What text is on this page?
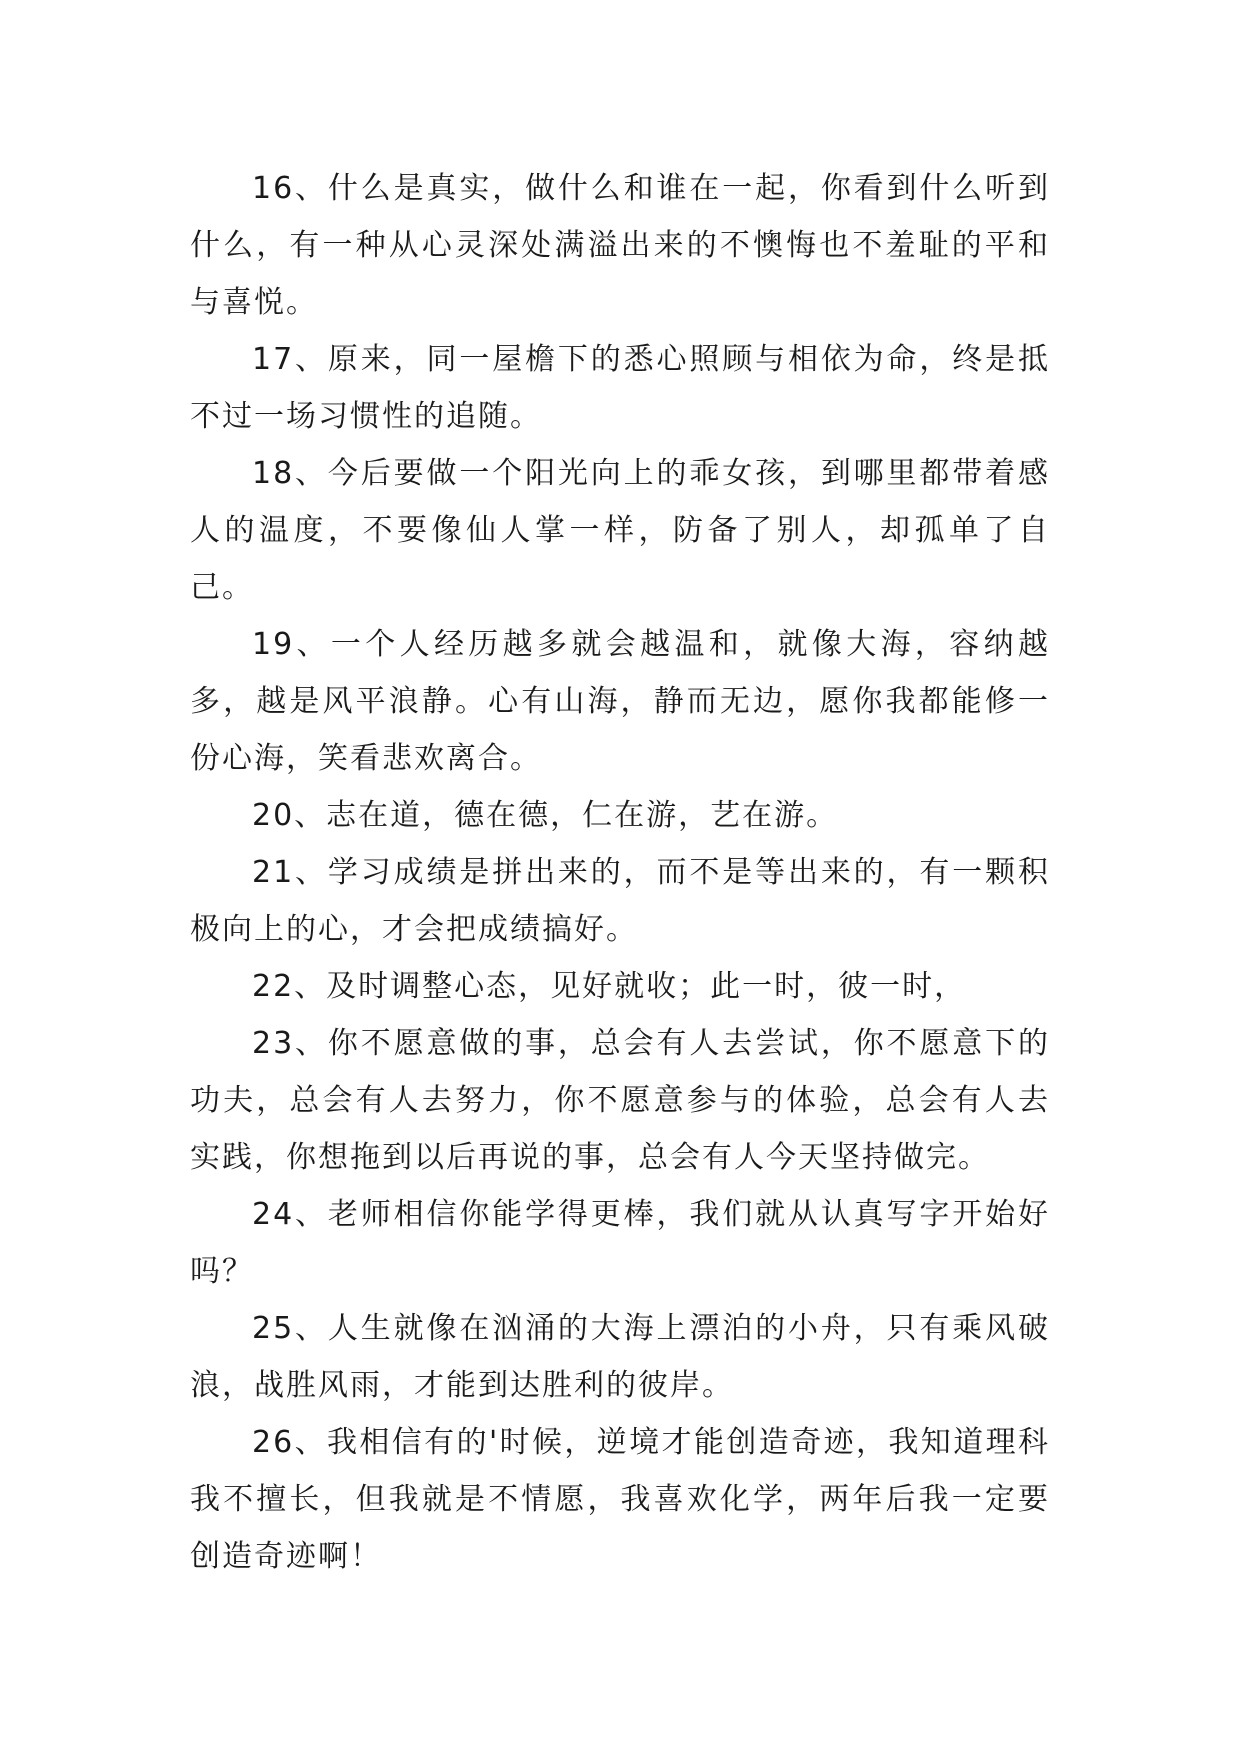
16、什么是真实，做什么和谁在一起，你看到什么听到什么，有一种从心灵深处满溢出来的不懊悔也不羞耻的平和与喜悦。

17、原来，同一屋檐下的悉心照顾与相依为命，终是抵不过一场习惯性的追随。

18、今后要做一个阳光向上的乖女孩，到哪里都带着感人的温度，不要像仙人掌一样，防备了别人，却孤单了自己。

19、一个人经历越多就会越温和，就像大海，容纳越多，越是风平浪静。心有山海，静而无边，愿你我都能修一份心海，笑看悲欢离合。

20、志在道，德在德，仁在游，艺在游。

21、学习成绩是拼出来的，而不是等出来的，有一颗积极向上的心，才会把成绩搞好。

22、及时调整心态，见好就收；此一时，彼一时，

23、你不愿意做的事，总会有人去尝试，你不愿意下的功夫，总会有人去努力，你不愿意参与的体验，总会有人去实践，你想拖到以后再说的事，总会有人今天坚持做完。

24、老师相信你能学得更棒，我们就从认真写字开始好吗？

25、人生就像在汹涌的大海上漂泊的小舟，只有乘风破浪，战胜风雨，才能到达胜利的彼岸。

26、我相信有的'时候，逆境才能创造奇迹，我知道理科我不擅长，但我就是不情愿，我喜欢化学，两年后我一定要创造奇迹啊！
